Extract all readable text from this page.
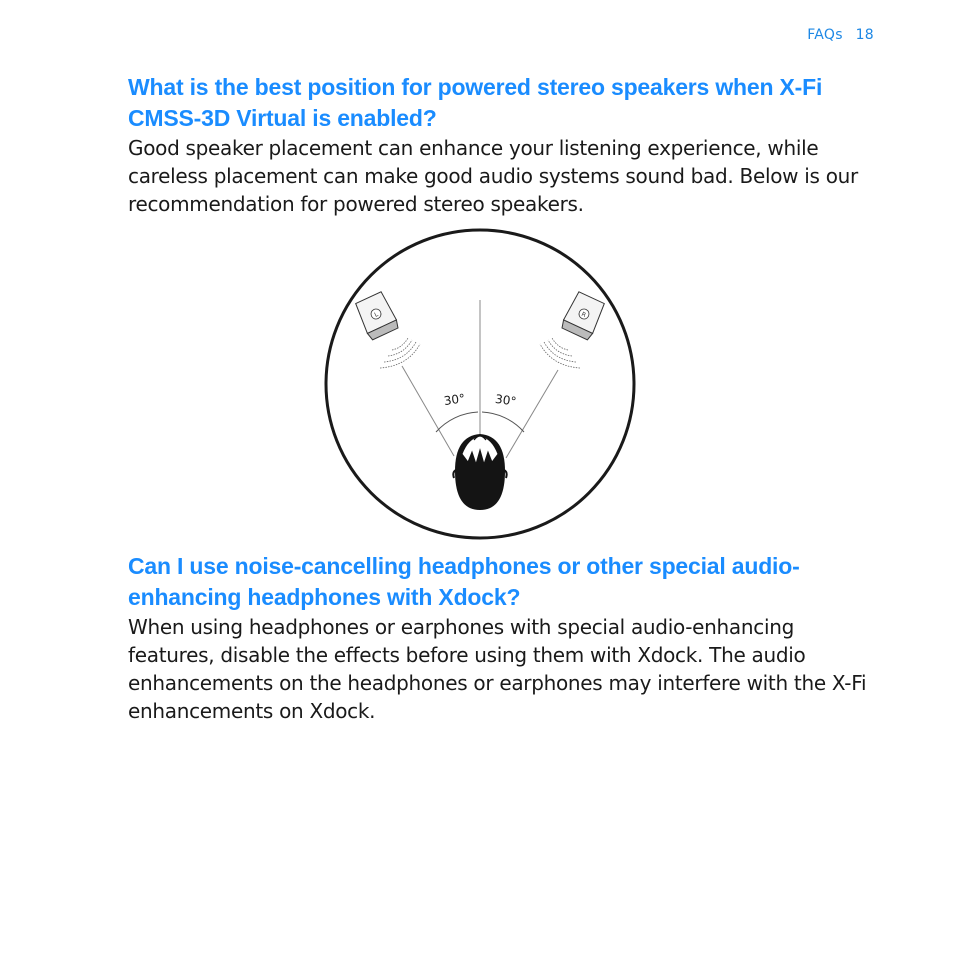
FAQs 18
What is the best position for powered stereo speakers when X-Fi CMSS-3D Virtual is enabled?

Good speaker placement can enhance your listening experience, while careless placement can make good audio systems sound bad. Below is our recommendation for powered stereo speakers.

30° 30°
L	R
Can I use noise-cancelling headphones or other special audio-enhancing headphones with Xdock?

When using headphones or earphones with special audio-enhancing features, disable the effects before using them with Xdock. The audio enhancements on the headphones or earphones may interfere with the X-Fi enhancements on Xdock.
